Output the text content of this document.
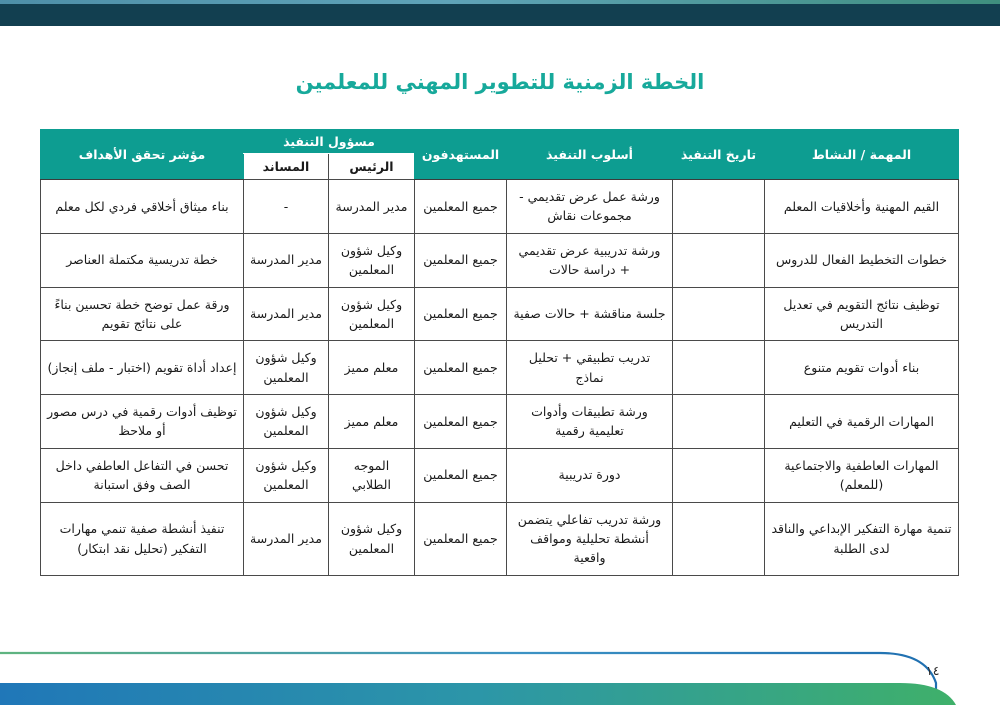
الخطة الزمنية للتطوير المهني للمعلمين
المهمة / النشاط	تاريخ التنفيذ	أسلوب التنفيذ	المستهدفون	مسؤول التنفيذ		مؤشر تحقق الأهداف
				الرئيس	المساند	
القيم المهنية وأخلاقيات المعلم		ورشة عمل عرض تقديمي - مجموعات نقاش	جميع المعلمين	مدير المدرسة	-	بناء ميثاق أخلاقي فردي لكل معلم
خطوات التخطيط الفعال للدروس		ورشة تدريبية عرض تقديمي + دراسة حالات	جميع المعلمين	وكيل شؤون المعلمين	مدير المدرسة	خطة تدريسية مكتملة العناصر
توظيف نتائج التقويم في تعديل التدريس		جلسة مناقشة + حالات صفية	جميع المعلمين	وكيل شؤون المعلمين	مدير المدرسة	ورقة عمل توضح خطة تحسين بناءً على نتائج تقويم
بناء أدوات تقويم متنوع		تدريب تطبيقي + تحليل نماذج	جميع المعلمين	معلم مميز	وكيل شؤون المعلمين	إعداد أداة تقويم (اختبار - ملف إنجاز)
المهارات الرقمية في التعليم		ورشة تطبيقات وأدوات تعليمية رقمية	جميع المعلمين	معلم مميز	وكيل شؤون المعلمين	توظيف أدوات رقمية في درس مصور أو ملاحظ
المهارات العاطفية والاجتماعية (للمعلم)		دورة تدريبية	جميع المعلمين	الموجه الطلابي	وكيل شؤون المعلمين	تحسن في التفاعل العاطفي داخل الصف وفق استبانة
تنمية مهارة التفكير الإبداعي والناقد لدى الطلبة		ورشة تدريب تفاعلي يتضمن أنشطة تحليلية ومواقف واقعية	جميع المعلمين	وكيل شؤون المعلمين	مدير المدرسة	تنفيذ أنشطة صفية تنمي مهارات التفكير (تحليل نقد ابتكار)
١٤
